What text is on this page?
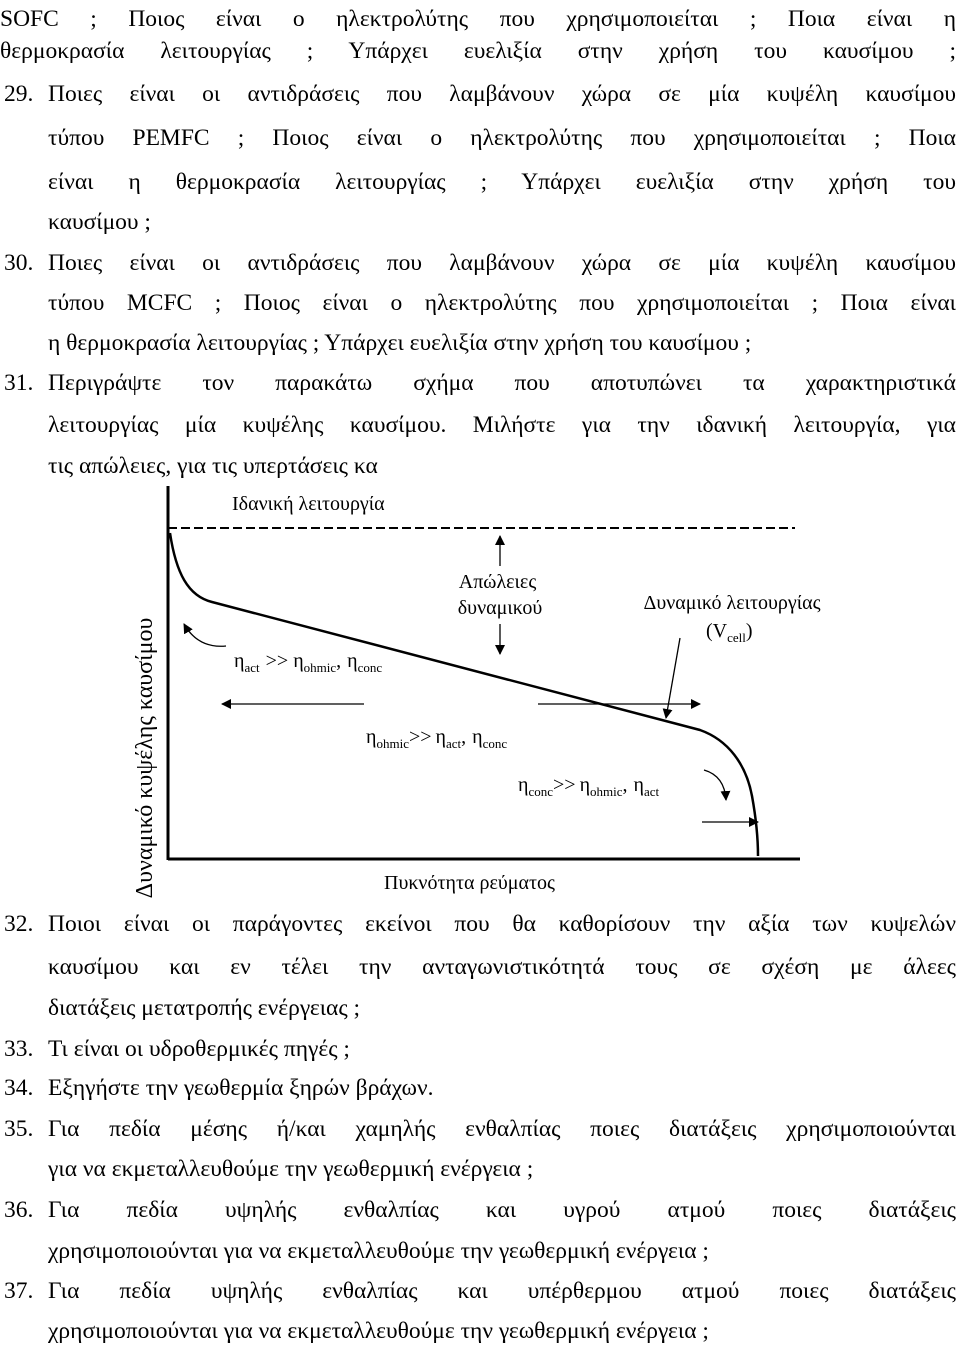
SOFC ; Ποιος είναι ο ηλεκτρολύτης που χρησιμοποιείται ; Ποια είναι η
θερμοκρασία λειτουργίας ; Υπάρχει ευελιξία στην χρήση του καυσίμου ;
29. Ποιες είναι οι αντιδράσεις που λαμβάνουν χώρα σε μία κυψέλη καυσίμου
τύπου PEMFC ; Ποιος είναι ο ηλεκτρολύτης που χρησιμοποιείται ; Ποια
είναι η θερμοκρασία λειτουργίας ; Υπάρχει ευελιξία στην χρήση του
καυσίμου ;
30. Ποιες είναι οι αντιδράσεις που λαμβάνουν χώρα σε μία κυψέλη καυσίμου
τύπου MCFC ; Ποιος είναι ο ηλεκτρολύτης που χρησιμοποιείται ; Ποια είναι
η θερμοκρασία λειτουργίας ; Υπάρχει ευελιξία στην χρήση του καυσίμου ;
31. Περιγράψτε τον παρακάτω σχήμα που αποτυπώνει τα χαρακτηριστικά
λειτουργίας μία κυψέλης καυσίμου. Μιλήστε για την ιδανική λειτουργία, για
τις απώλειες, για τις υπερτάσεις κα
Δυναμικό κυψέλης καυσίμου
Ιδανική λειτουργία
Απώλειες δυναμικού	Δυναμικό λειτουργίας
$(V_{cell})$
$\eta_{act} >> \eta_{ohmic}$, $\eta_{conc}$
$\eta_{ohmic}>> \eta_{act}$, $\eta_{conc}$
$\eta_{conc}>> \eta_{ohmic}$, $\eta_{act}$
Πυκνότητα ρεύματος
32. Ποιοι είναι οι παράγοντες εκείνοι που θα καθορίσουν την αξία των κυψελών
καυσίμου και εν τέλει την ανταγωνιστικότητά τους σε σχέση με άλεες
διατάξεις μετατροπής ενέργειας ;
33. Τι είναι οι υδροθερμικές πηγές ;
34. Εξηγήστε την γεωθερμία ξηρών βράχων.
35. Για πεδία μέσης ή/και χαμηλής ενθαλπίας ποιες διατάξεις χρησιμοποιούνται
για να εκμεταλλευθούμε την γεωθερμική ενέργεια ;
36. Για πεδία υψηλής ενθαλπίας και υγρού ατμού ποιες διατάξεις
χρησιμοποιούνται για να εκμεταλλευθούμε την γεωθερμική ενέργεια ;
37. Για πεδία υψηλής ενθαλπίας και υπέρθερμου ατμού ποιες διατάξεις
χρησιμοποιούνται για να εκμεταλλευθούμε την γεωθερμική ενέργεια ;
